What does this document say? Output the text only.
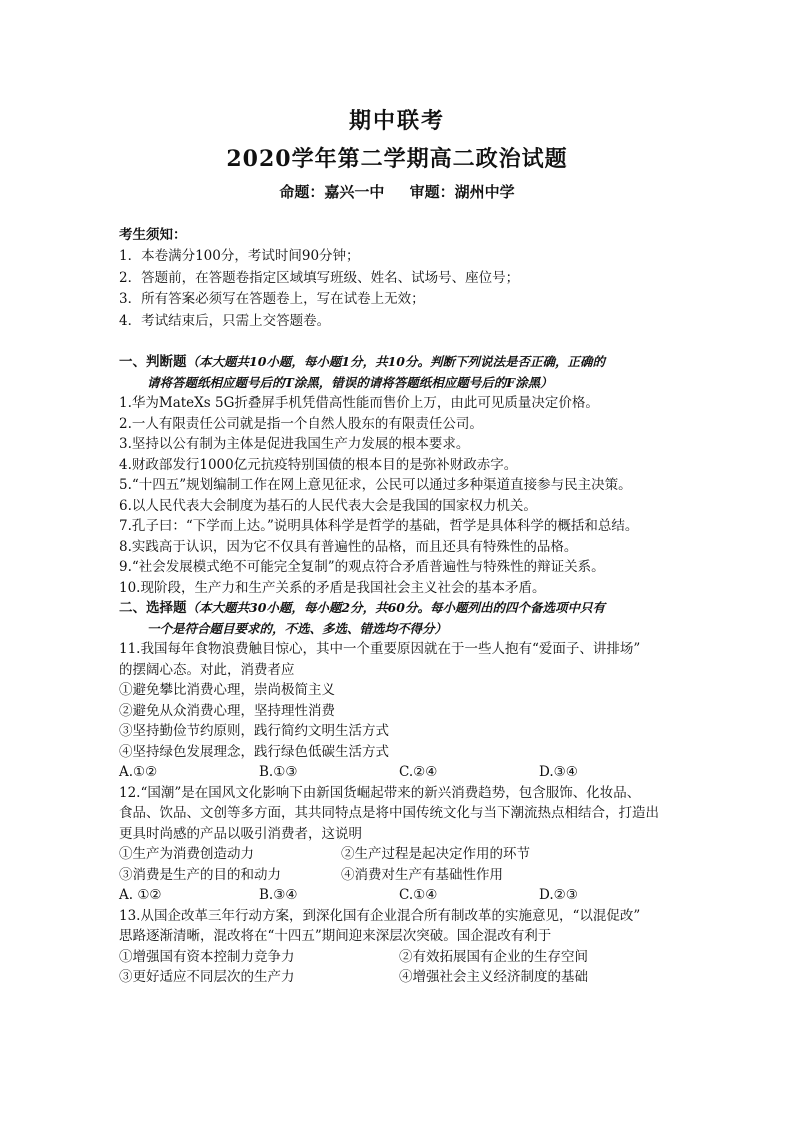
期中联考
2020学年第二学期高二政治试题
命题：嘉兴一中 审题：湖州中学
考生须知：
1．本卷满分100分，考试时间90分钟；
2．答题前，在答题卷指定区域填写班级、姓名、试场号、座位号；
3．所有答案必须写在答题卷上，写在试卷上无效；
4．考试结束后，只需上交答题卷。
一、判断题（本大题共10小题，每小题1分，共10分。判断下列说法是否正确，正确的
请将答题纸相应题号后的T涂黑，错误的请将答题纸相应题号后的F涂黑）
1.华为MateXs 5G折叠屏手机凭借高性能而售价上万，由此可见质量决定价格。
2.一人有限责任公司就是指一个自然人股东的有限责任公司。
3.坚持以公有制为主体是促进我国生产力发展的根本要求。
4.财政部发行1000亿元抗疫特别国债的根本目的是弥补财政赤字。
5.“十四五”规划编制工作在网上意见征求，公民可以通过多种渠道直接参与民主决策。
6.以人民代表大会制度为基石的人民代表大会是我国的国家权力机关。
7.孔子曰：“下学而上达。”说明具体科学是哲学的基础，哲学是具体科学的概括和总结。
8.实践高于认识，因为它不仅具有普遍性的品格，而且还具有特殊性的品格。
9.“社会发展模式绝不可能完全复制”的观点符合矛盾普遍性与特殊性的辩证关系。
10.现阶段，生产力和生产关系的矛盾是我国社会主义社会的基本矛盾。
二、选择题（本大题共30小题，每小题2分，共60分。每小题列出的四个备选项中只有
一个是符合题目要求的，不选、多选、错选均不得分）
11.我国每年食物浪费触目惊心，其中一个重要原因就在于一些人抱有“爱面子、讲排场”
的摆阔心态。对此，消费者应
①避免攀比消费心理，崇尚极简主义
②避免从众消费心理，坚持理性消费
③坚持勤俭节约原则，践行简约文明生活方式
④坚持绿色发展理念，践行绿色低碳生活方式
A.①②	B.①③	C.②④	D.③④
12.“国潮”是在国风文化影响下由新国货崛起带来的新兴消费趋势，包含服饰、化妆品、
食品、饮品、文创等多方面，其共同特点是将中国传统文化与当下潮流热点相结合，打造出
更具时尚感的产品以吸引消费者，这说明
①生产为消费创造动力	②生产过程是起决定作用的环节
③消费是生产的目的和动力	④消费对生产有基础性作用
A. ①②	B.③④	C.①④	D.②③
13.从国企改革三年行动方案，到深化国有企业混合所有制改革的实施意见，“以混促改”
思路逐渐清晰，混改将在“十四五”期间迎来深层次突破。国企混改有利于
①增强国有资本控制力竞争力	②有效拓展国有企业的生存空间
③更好适应不同层次的生产力	④增强社会主义经济制度的基础
